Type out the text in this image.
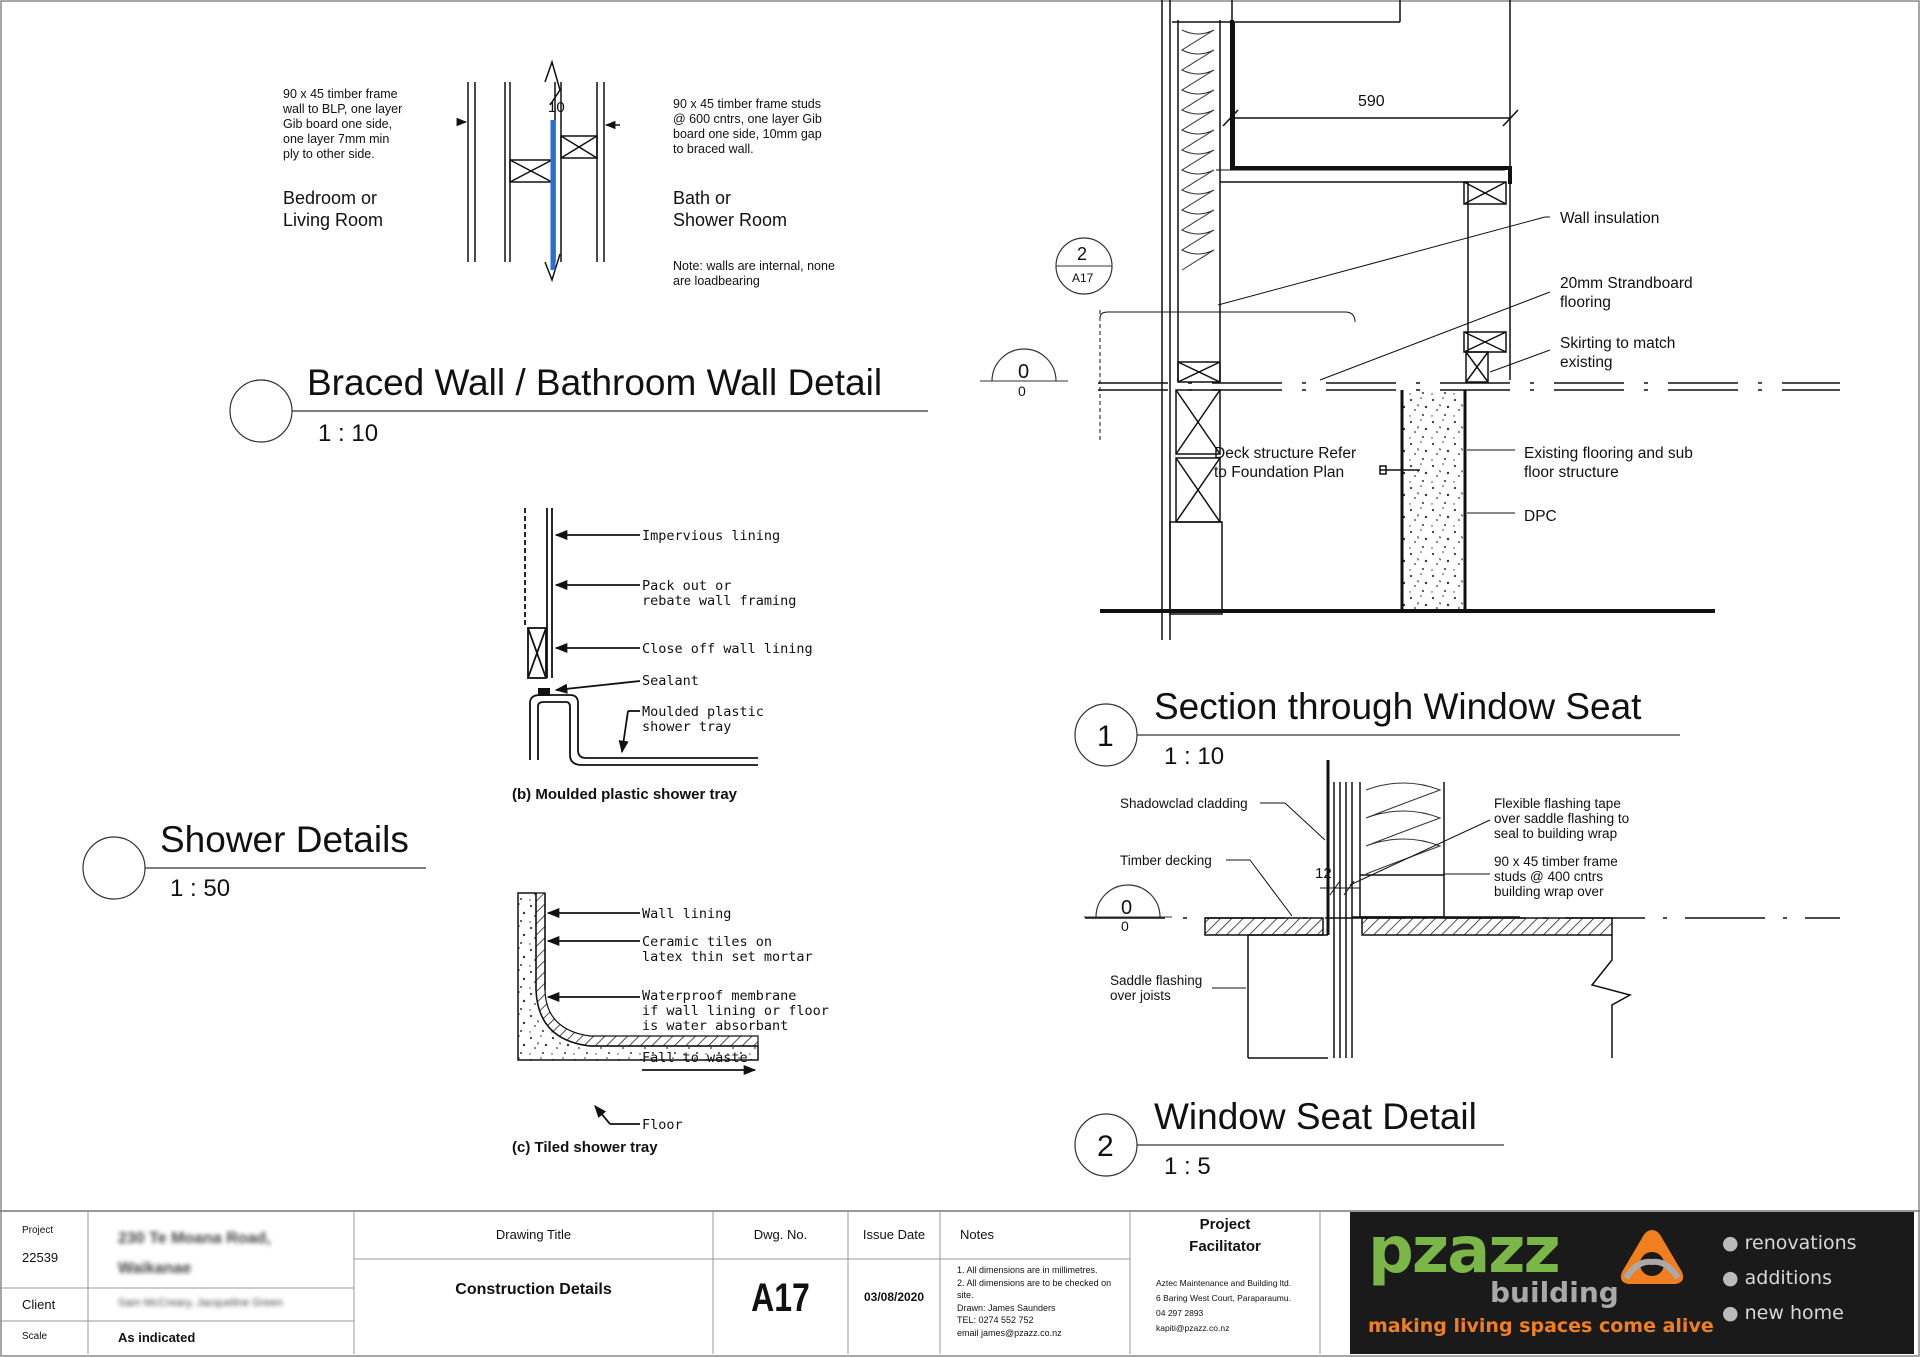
10
90 x 45 timber frame wall to BLP, one layer Gib board one side, one layer 7mm min ply to other side.
Bedroom or Living Room
90 x 45 timber frame studs @ 600 cntrs, one layer Gib board one side, 10mm gap to braced wall.
Bath or Shower Room
Note: walls are internal, none are loadbearing
Braced Wall / Bathroom Wall Detail
1 : 10
Shower Details
1 : 50
Impervious lining Pack out or rebate wall framing Close off wall lining Sealant Moulded plastic shower tray
(b) Moulded plastic shower tray
Wall lining Ceramic tiles on latex thin set mortar Waterproof membrane if wall lining or floor is water absorbant Fall to waste Floor
(c) Tiled shower tray
590
2
A17
0
0
Wall insulation
20mm Strandboard flooring
Skirting to match existing
Deck structure Refer to Foundation Plan
Existing flooring and sub floor structure
DPC
1
Section through Window Seat
1 : 10
12
0
0
Shadowclad cladding
Timber decking
Saddle flashing over joists
Flexible flashing tape over saddle flashing to seal to building wrap
90 x 45 timber frame studs @ 400 cntrs building wrap over
2
Window Seat Detail
1 : 5
Project
22539
230 Te Moana Road,
Waikanae
Client	Sam McCreary, Jacqueline Green
Scale	As indicated
Drawing Title
Construction Details
Dwg. No.
A17
Issue Date
03/08/2020
Notes
1. All dimensions are in millimetres.
2. All dimensions are to be checked on
site.
Drawn: James Saunders
TEL: 0274 552 752
email james@pzazz.co.nz
Project
Facilitator
Aztec Maintenance and Building ltd.
6 Baring West Court, Paraparaumu.
04 297 2893
kapiti@pzazz.co.nz
pzazz
building
making living spaces come alive
● renovations
● additions
● new home
